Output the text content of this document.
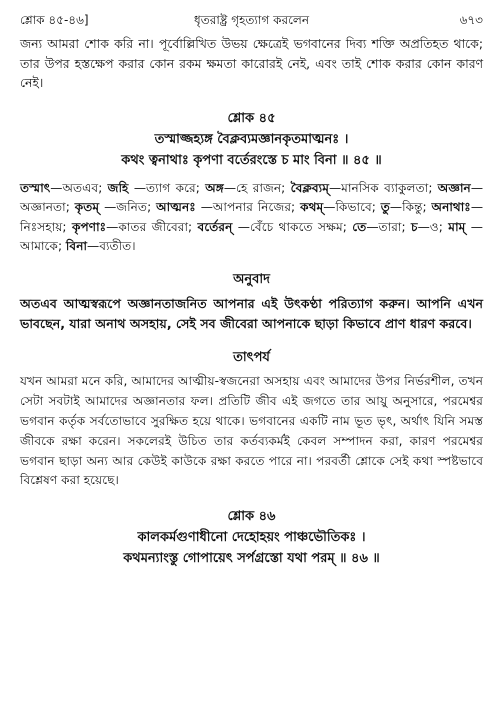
শ্লোক ৪৫-৪৬]	ধৃতরাষ্ট্র গৃহত্যাগ করলেন	৬৭৩

জন্য আমরা শোক করি না। পূর্বোল্লিখিত উভয় ক্ষেত্রেই ভগবানের দিব্য শক্তি অপ্রতিহত থাকে; তার উপর হস্তক্ষেপ করার কোন রকম ক্ষমতা কারোরই নেই, এবং তাই শোক করার কোন কারণ নেই।

শ্লোক ৪৫

তস্মাজ্জহ্যঙ্গ বৈক্লব্যমজ্ঞানকৃতমাত্মনঃ ।

কথং ত্বনাথাঃ কৃপণা বর্তেরংস্তে চ মাং বিনা ॥ ৪৫ ॥

তস্মাৎ—অতএব; জহি —ত্যাগ করে; অঙ্গ—হে রাজন; বৈক্লব্যম্—মানসিক ব্যাকুলতা; অজ্ঞান—অজ্ঞানতা; কৃতম্ —জনিত; আত্মনঃ —আপনার নিজের; কথম্—কিভাবে; তু—কিন্তু; অনাথাঃ—নিঃসহায়; কৃপণাঃ—কাতর জীবেরা; বর্তেরন্ —বেঁচে থাকতে সক্ষম; তে—তারা; চ—ও; মাম্ —আমাকে; বিনা—ব্যতীত।

অনুবাদ

অতএব আত্মস্বরূপে অজ্ঞানতাজনিত আপনার এই উৎকণ্ঠা পরিত্যাগ করুন। আপনি এখন ভাবছেন, যারা অনাথ অসহায়, সেই সব জীবেরা আপনাকে ছাড়া কিভাবে প্রাণ ধারণ করবে।

তাৎপর্য

যখন আমরা মনে করি, আমাদের আত্মীয়-স্বজনেরা অসহায় এবং আমাদের উপর নির্ভরশীল, তখন সেটা সবটাই আমাদের অজ্ঞানতার ফল। প্রতিটি জীব এই জগতে তার আয়ু অনুসারে, পরমেশ্বর ভগবান কর্তৃক সর্বতোভাবে সুরক্ষিত হয়ে থাকে। ভগবানের একটি নাম ভূত ভৃৎ, অর্থাৎ যিনি সমস্ত জীবকে রক্ষা করেন। সকলেরই উচিত তার কর্তব্যকর্মই কেবল সম্পাদন করা, কারণ পরমেশ্বর ভগবান ছাড়া অন্য আর কেউই কাউকে রক্ষা করতে পারে না। পরবর্তী শ্লোকে সেই কথা স্পষ্টভাবে বিশ্লেষণ করা হয়েছে।

শ্লোক ৪৬

কালকর্মগুণাধীনো দেহোহয়ং পাঞ্চভৌতিকঃ ।

কথমন্যাংস্তু গোপায়েৎ সর্পগ্রস্তো যথা পরম্ ॥ ৪৬ ॥
